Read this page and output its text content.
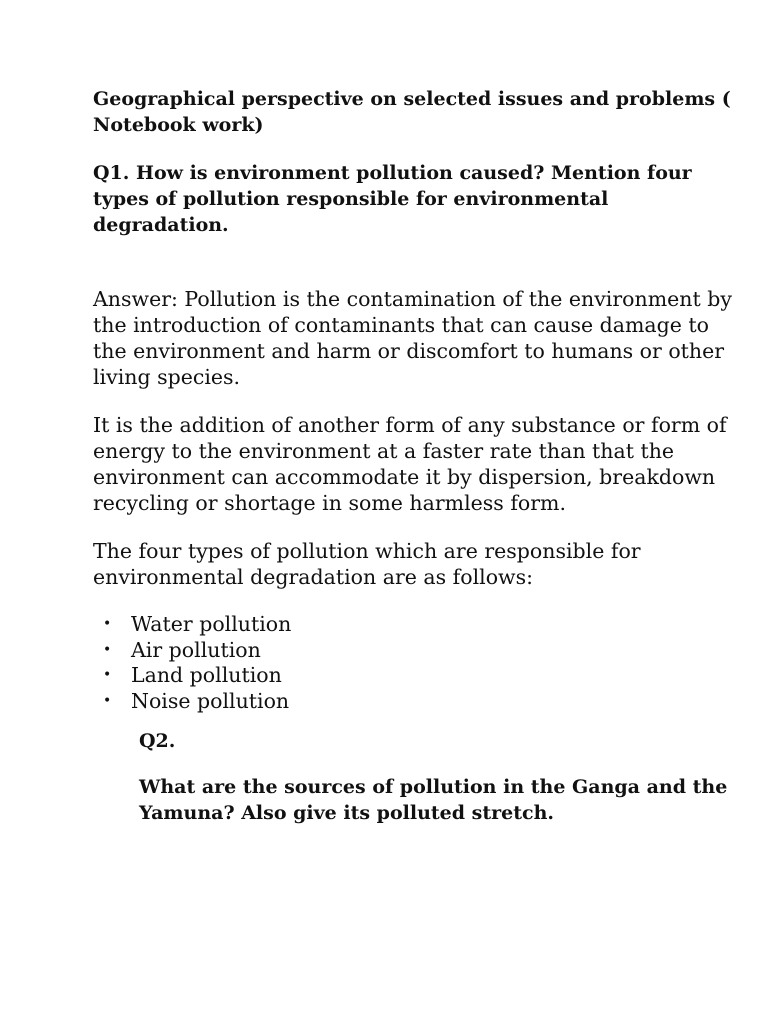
Geographical perspective on selected issues and problems ( Notebook work)

Q1. How is environment pollution caused? Mention four types of pollution responsible for environmental degradation.

Answer: Pollution is the contamination of the environment by the introduction of contaminants that can cause damage to the environment and harm or discomfort to humans or other living species.

It is the addition of another form of any substance or form of energy to the environment at a faster rate than that the environment can accommodate it by dispersion, breakdown recycling or shortage in some harmless form.

The four types of pollution which are responsible for environmental degradation are as follows:

• Water pollution
• Air pollution
• Land pollution
• Noise pollution

Q2.

What are the sources of pollution in the Ganga and the Yamuna? Also give its polluted stretch.
